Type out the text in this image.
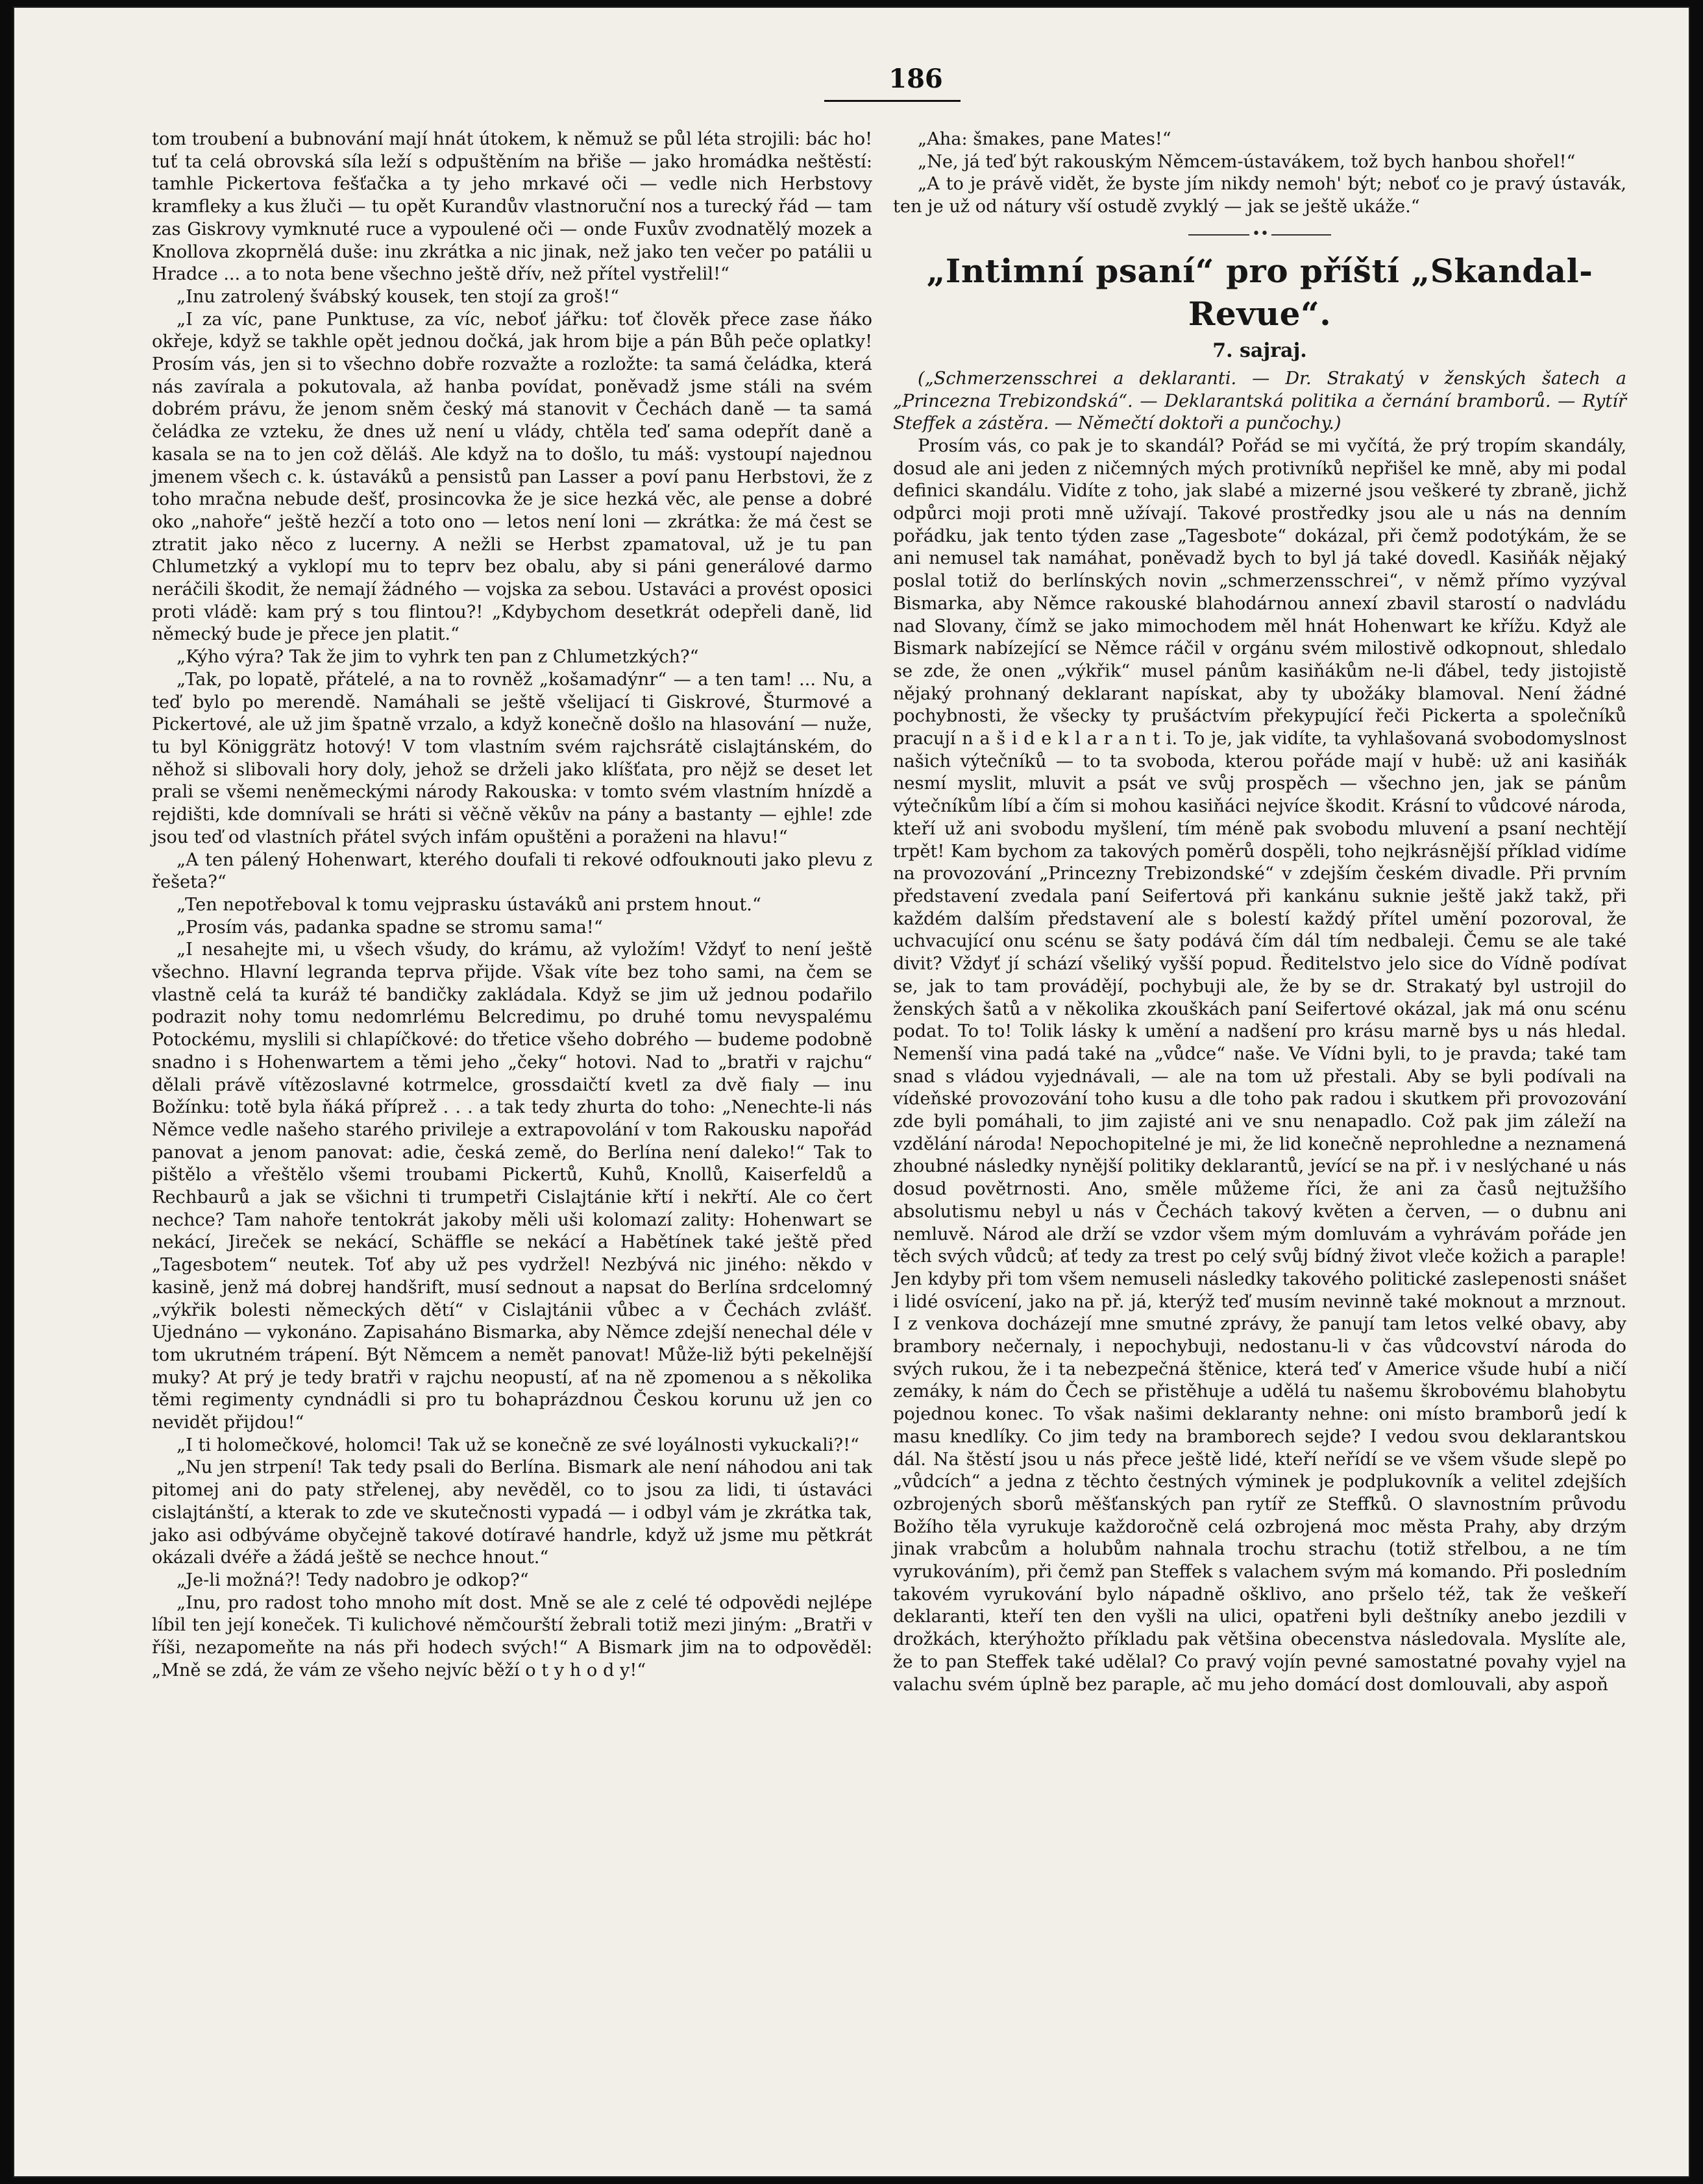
186

tom troubení a bubnování mají hnát útokem, k němuž se půl léta strojili: bác ho! tuť ta celá obrovská síla leží s odpuštěním na břiše — jako hromádka neštěstí: tamhle Pickertova fešťačka a ty jeho mrkavé oči — vedle nich Herbstovy kramfleky a kus žluči — tu opět Kurandův vlastnoruční nos a turecký řád — tam zas Giskrovy vymknuté ruce a vypoulené oči — onde Fuxův zvodnatělý mozek a Knollova zkoprnělá duše: inu zkrátka a nic jinak, než jako ten večer po patálii u Hradce ... a to nota bene všechno ještě dřív, než přítel vystřelil!“

„Inu zatrolený švábský kousek, ten stojí za groš!“

„I za víc, pane Punktuse, za víc, neboť jářku: toť člověk přece zase ňáko okřeje, když se takhle opět jednou dočká, jak hrom bije a pán Bůh peče oplatky! Prosím vás, jen si to všechno dobře rozvažte a rozložte: ta samá čeládka, která nás zavírala a pokutovala, až hanba povídat, poněvadž jsme stáli na svém dobrém právu, že jenom sněm český má stanovit v Čechách daně — ta samá čeládka ze vzteku, že dnes už není u vlády, chtěla teď sama odepřít daně a kasala se na to jen což děláš. Ale když na to došlo, tu máš: vystoupí najednou jmenem všech c. k. ústaváků a pensistů pan Lasser a poví panu Herbstovi, že z toho mračna nebude dešť, prosincovka že je sice hezká věc, ale pense a dobré oko „nahoře“ ještě hezčí a toto ono — letos není loni — zkrátka: že má čest se ztratit jako něco z lucerny. A nežli se Herbst zpamatoval, už je tu pan Chlumetzký a vyklopí mu to teprv bez obalu, aby si páni generálové darmo neráčili škodit, že nemají žádného — vojska za sebou. Ustaváci a provést oposici proti vládě: kam prý s tou flintou?! „Kdybychom desetkrát odepřeli daně, lid německý bude je přece jen platit.“

„Kýho výra? Tak že jim to vyhrk ten pan z Chlumetzkých?“

„Tak, po lopatě, přátelé, a na to rovněž „košamadýnr“ — a ten tam! ... Nu, a teď bylo po merendě. Namáhali se ještě všelijací ti Giskrové, Šturmové a Pickertové, ale už jim špatně vrzalo, a když konečně došlo na hlasování — nuže, tu byl Königgrätz hotový! V tom vlastním svém rajchsrátě cislajtánském, do něhož si slibovali hory doly, jehož se drželi jako klíšťata, pro nějž se deset let prali se všemi neněmeckými národy Rakouska: v tomto svém vlastním hnízdě a rejdišti, kde domnívali se hráti si věčně věkův na pány a bastanty — ejhle! zde jsou teď od vlastních přátel svých infám opuštěni a poraženi na hlavu!“

„A ten pálený Hohenwart, kterého doufali ti rekové odfouknouti jako plevu z řešeta?“

„Ten nepotřeboval k tomu vejprasku ústaváků ani prstem hnout.“

„Prosím vás, padanka spadne se stromu sama!“

„I nesahejte mi, u všech všudy, do krámu, až vyložím! Vždyť to není ještě všechno. Hlavní legranda teprva přijde. Však víte bez toho sami, na čem se vlastně celá ta kuráž té bandičky zakládala. Když se jim už jednou podařilo podrazit nohy tomu nedomrlému Belcredimu, po druhé tomu nevyspalému Potockému, myslili si chlapíčkové: do třetice všeho dobrého — budeme podobně snadno i s Hohenwartem a těmi jeho „čeky“ hotovi. Nad to „bratři v rajchu“ dělali právě vítězoslavné kotrmelce, grossdaičtí kvetl za dvě fialy — inu Božínku: totě byla ňáká příprež . . . a tak tedy zhurta do toho: „Nenechte-li nás Němce vedle našeho starého privileje a extrapovolání v tom Rakousku napořád panovat a jenom panovat: adie, česká země, do Berlína není daleko!“ Tak to pištělo a vřeštělo všemi troubami Pickertů, Kuhů, Knollů, Kaiserfeldů a Rechbaurů a jak se všichni ti trumpetři Cislajtánie křtí i nekřtí. Ale co čert nechce? Tam nahoře tentokrát jakoby měli uši kolomazí zality: Hohenwart se nekácí, Jireček se nekácí, Schäffle se nekácí a Habětínek také ještě před „Tagesbotem“ neutek. Toť aby už pes vydržel! Nezbývá nic jiného: někdo v kasině, jenž má dobrej handšrift, musí sednout a napsat do Berlína srdcelomný „výkřik bolesti německých dětí“ v Cislajtánii vůbec a v Čechách zvlášť. Ujednáno — vykonáno. Zapisaháno Bismarka, aby Němce zdejší nenechal déle v tom ukrutném trápení. Být Němcem a nemět panovat! Může-liž býti pekelnější muky? At prý je tedy bratři v rajchu neopustí, ať na ně zpomenou a s několika těmi regimenty cyndnádli si pro tu bohaprázdnou Českou korunu už jen co nevidět přijdou!“

„I ti holomečkové, holomci! Tak už se konečně ze své loyálnosti vykuckali?!“

„Nu jen strpení! Tak tedy psali do Berlína. Bismark ale není náhodou ani tak pitomej ani do paty střelenej, aby nevěděl, co to jsou za lidi, ti ústaváci cislajtánští, a kterak to zde ve skutečnosti vypadá — i odbyl vám je zkrátka tak, jako asi odbýváme obyčejně takové dotíravé handrle, když už jsme mu pětkrát okázali dvéře a žádá ještě se nechce hnout.“

„Je-li možná?! Tedy nadobro je odkop?“

„Inu, pro radost toho mnoho mít dost. Mně se ale z celé té odpovědi nejlépe líbil ten její koneček. Ti kulichové němčourští žebrali totiž mezi jiným: „Bratři v říši, nezapomeňte na nás při hodech svých!“ A Bismark jim na to odpověděl: „Mně se zdá, že vám ze všeho nejvíc běží o t y h o d y!“

„Aha: šmakes, pane Mates!“

„Ne, já teď být rakouským Němcem-ústavákem, tož bych hanbou shořel!“

„A to je právě vidět, že byste jím nikdy nemoh' být; neboť co je pravý ústavák, ten je už od nátury vší ostudě zvyklý — jak se ještě ukáže.“

••
„Intimní psaní“ pro příští „Skandal-Revue“.
7. sajraj.

(„Schmerzensschrei a deklaranti. — Dr. Strakatý v ženských šatech a „Princezna Trebizondská“. — Deklarantská politika a černání bramborů. — Rytíř Steffek a zástěra. — Němečtí doktoři a punčochy.)

Prosím vás, co pak je to skandál? Pořád se mi vyčítá, že prý tropím skandály, dosud ale ani jeden z ničemných mých protivníků nepřišel ke mně, aby mi podal definici skandálu. Vidíte z toho, jak slabé a mizerné jsou veškeré ty zbraně, jichž odpůrci moji proti mně užívají. Takové prostředky jsou ale u nás na denním pořádku, jak tento týden zase „Tagesbote“ dokázal, při čemž podotýkám, že se ani nemusel tak namáhat, poněvadž bych to byl já také dovedl. Kasiňák nějaký poslal totiž do berlínských novin „schmerzensschrei“, v němž přímo vyzýval Bismarka, aby Němce rakouské blahodárnou annexí zbavil starostí o nadvládu nad Slovany, čímž se jako mimochodem měl hnát Hohenwart ke křížu. Když ale Bismark nabízející se Němce ráčil v orgánu svém milostivě odkopnout, shledalo se zde, že onen „výkřik“ musel pánům kasiňákům ne-li ďábel, tedy jistojistě nějaký prohnaný deklarant napískat, aby ty ubožáky blamoval. Není žádné pochybnosti, že všecky ty prušáctvím překypující řeči Pickerta a společníků pracují n a š i d e k l a r a n t i. To je, jak vidíte, ta vyhlašovaná svobodomyslnost našich výtečníků — to ta svoboda, kterou pořáde mají v hubě: už ani kasiňák nesmí myslit, mluvit a psát ve svůj prospěch — všechno jen, jak se pánům výtečníkům líbí a čím si mohou kasiňáci nejvíce škodit. Krásní to vůdcové národa, kteří už ani svobodu myšlení, tím méně pak svobodu mluvení a psaní nechtějí trpět! Kam bychom za takových poměrů dospěli, toho nejkrásnější příklad vidíme na provozování „Princezny Trebizondské“ v zdejším českém divadle. Při prvním představení zvedala paní Seifertová při kankánu suknie ještě jakž takž, při každém dalším představení ale s bolestí každý přítel umění pozoroval, že uchvacující onu scénu se šaty podává čím dál tím nedbaleji. Čemu se ale také divit? Vždyť jí schází všeliký vyšší popud. Ředitelstvo jelo sice do Vídně podívat se, jak to tam provádějí, pochybuji ale, že by se dr. Strakatý byl ustrojil do ženských šatů a v několika zkouškách paní Seifertové okázal, jak má onu scénu podat. To to! Tolik lásky k umění a nadšení pro krásu marně bys u nás hledal. Nemenší vina padá také na „vůdce“ naše. Ve Vídni byli, to je pravda; také tam snad s vládou vyjednávali, — ale na tom už přestali. Aby se byli podívali na vídeňské provozování toho kusu a dle toho pak radou i skutkem při provozování zde byli pomáhali, to jim zajisté ani ve snu nenapadlo. Což pak jim záleží na vzdělání národa! Nepochopitelné je mi, že lid konečně neprohledne a neznamená zhoubné následky nynější politiky deklarantů, jevící se na př. i v neslýchané u nás dosud povětrnosti. Ano, směle můžeme říci, že ani za časů nejtužšího absolutismu nebyl u nás v Čechách takový květen a červen, — o dubnu ani nemluvě. Národ ale drží se vzdor všem mým domluvám a vyhrávám pořáde jen těch svých vůdců; ať tedy za trest po celý svůj bídný život vleče kožich a paraple! Jen kdyby při tom všem nemuseli následky takového politické zaslepenosti snášet i lidé osvícení, jako na př. já, kterýž teď musím nevinně také moknout a mrznout. I z venkova docházejí mne smutné zprávy, že panují tam letos velké obavy, aby brambory nečernaly, i nepochybuji, nedostanu-li v čas vůdcovství národa do svých rukou, že i ta nebezpečná štěnice, která teď v Americe všude hubí a ničí zemáky, k nám do Čech se přistěhuje a udělá tu našemu škrobovému blahobytu pojednou konec. To však našimi deklaranty nehne: oni místo bramborů jedí k masu knedlíky. Co jim tedy na bramborech sejde? I vedou svou deklarantskou dál. Na štěstí jsou u nás přece ještě lidé, kteří neřídí se ve všem všude slepě po „vůdcích“ a jedna z těchto čestných výminek je podplukovník a velitel zdejších ozbrojených sborů měšťanských pan rytíř ze Steffků. O slavnostním průvodu Božího těla vyrukuje každoročně celá ozbrojená moc města Prahy, aby drzým jinak vrabcům a holubům nahnala trochu strachu (totiž střelbou, a ne tím vyrukováním), při čemž pan Steffek s valachem svým má komando. Při posledním takovém vyrukování bylo nápadně ošklivo, ano pršelo též, tak že veškeří deklaranti, kteří ten den vyšli na ulici, opatřeni byli deštníky anebo jezdili v drožkách, kterýhožto příkladu pak většina obecenstva následovala. Myslíte ale, že to pan Steffek také udělal? Co pravý vojín pevné samostatné povahy vyjel na valachu svém úplně bez paraple, ač mu jeho domácí dost domlouvali, aby aspoň
